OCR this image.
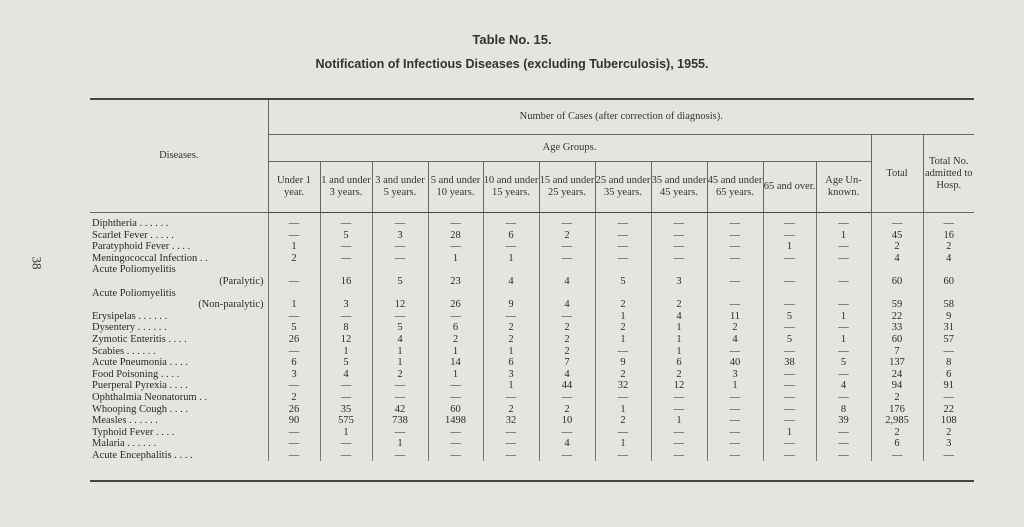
Table No. 15.
Notification of Infectious Diseases (excluding Tuberculosis), 1955.
38
Diseases.	Number of Cases (after correction of diagnosis).												
	Age Groups.											Total	Total No. admitted to Hosp.
	Under 1 year.	1 and under 3 years.	3 and under 5 years.	5 and under 10 years.	10 and under 15 years.	15 and under 25 years.	25 and under 35 years.	35 and under 45 years.	45 and under 65 years.	65 and over.	Age Un-known.		
Diphtheria . . . . . .	—	—	—	—	—	—	—	—	—	—	—	—	—
Scarlet Fever . . . . .	—	5	3	28	6	2	—	—	—	—	1	45	16
Paratyphoid Fever . . . .	1	—	—	—	—	—	—	—	—	1	—	2	2
Meningococcal Infection . .	2	—	—	1	1	—	—	—	—	—	—	4	4
Acute Poliomyelitis													
(Paralytic)	—	16	5	23	4	4	5	3	—	—	—	60	60
Acute Poliomyelitis													
(Non-paralytic)	1	3	12	26	9	4	2	2	—	—	—	59	58
Erysipelas . . . . . .	—	—	—	—	—	—	1	4	11	5	1	22	9
Dysentery . . . . . .	5	8	5	6	2	2	2	1	2	—	—	33	31
Zymotic Enteritis . . . .	26	12	4	2	2	2	1	1	4	5	1	60	57
Scabies . . . . . .	—	1	1	1	1	2	—	1	—	—	—	7	—
Acute Pneumonia . . . .	6	5	1	14	6	7	9	6	40	38	5	137	8
Food Poisoning . . . .	3	4	2	1	3	4	2	2	3	—	—	24	6
Puerperal Pyrexia . . . .	—	—	—	—	1	44	32	12	1	—	4	94	91
Ophthalmia Neonatorum . .	2	—	—	—	—	—	—	—	—	—	—	2	—
Whooping Cough . . . .	26	35	42	60	2	2	1	—	—	—	8	176	22
Measles . . . . . .	90	575	738	1498	32	10	2	1	—	—	39	2,985	108
Typhoid Fever . . . .	—	1	—	—	—	—	—	—	—	1	—	2	2
Malaria . . . . . .	—	—	1	—	—	4	1	—	—	—	—	6	3
Acute Encephalitis . . . .	—	—	—	—	—	—	—	—	—	—	—	—	—
